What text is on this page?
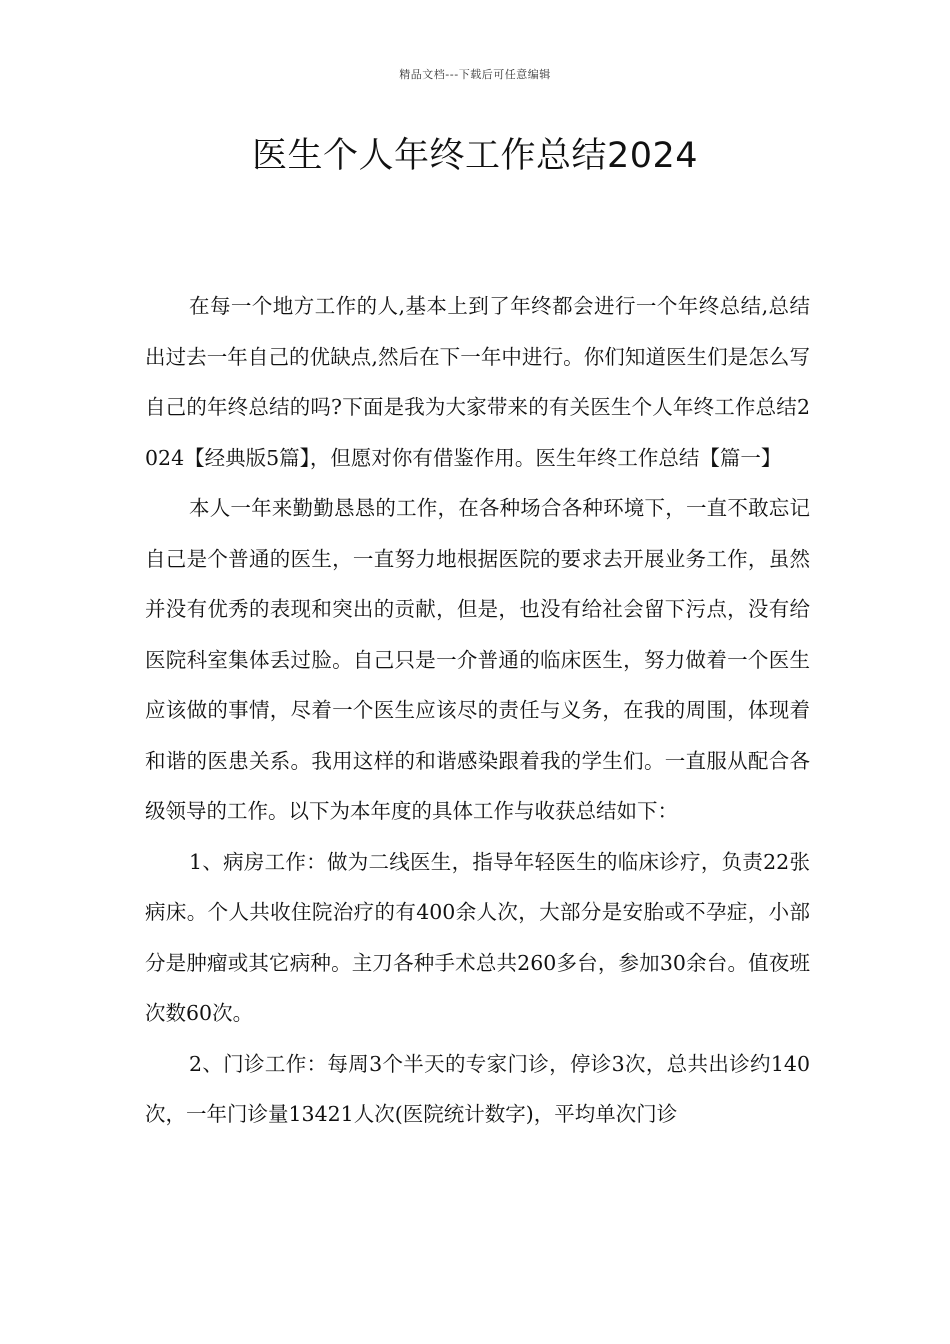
精品文档---下载后可任意编辑
医生个人年终工作总结2024

在每一个地方工作的人,基本上到了年终都会进行一个年终总结,总结出过去一年自己的优缺点,然后在下一年中进行。你们知道医生们是怎么写自己的年终总结的吗?下面是我为大家带来的有关医生个人年终工作总结2024【经典版5篇】，但愿对你有借鉴作用。医生年终工作总结【篇一】

本人一年来勤勤恳恳的工作，在各种场合各种环境下，一直不敢忘记自己是个普通的医生，一直努力地根据医院的要求去开展业务工作，虽然并没有优秀的表现和突出的贡献，但是，也没有给社会留下污点，没有给医院科室集体丢过脸。自己只是一介普通的临床医生，努力做着一个医生应该做的事情，尽着一个医生应该尽的责任与义务，在我的周围，体现着和谐的医患关系。我用这样的和谐感染跟着我的学生们。一直服从配合各级领导的工作。以下为本年度的具体工作与收获总结如下：

1、病房工作：做为二线医生，指导年轻医生的临床诊疗，负责22张病床。个人共收住院治疗的有400余人次，大部分是安胎或不孕症，小部分是肿瘤或其它病种。主刀各种手术总共260多台，参加30余台。值夜班次数60次。

2、门诊工作：每周3个半天的专家门诊，停诊3次，总共出诊约140次，一年门诊量13421人次(医院统计数字)，平均单次门诊
